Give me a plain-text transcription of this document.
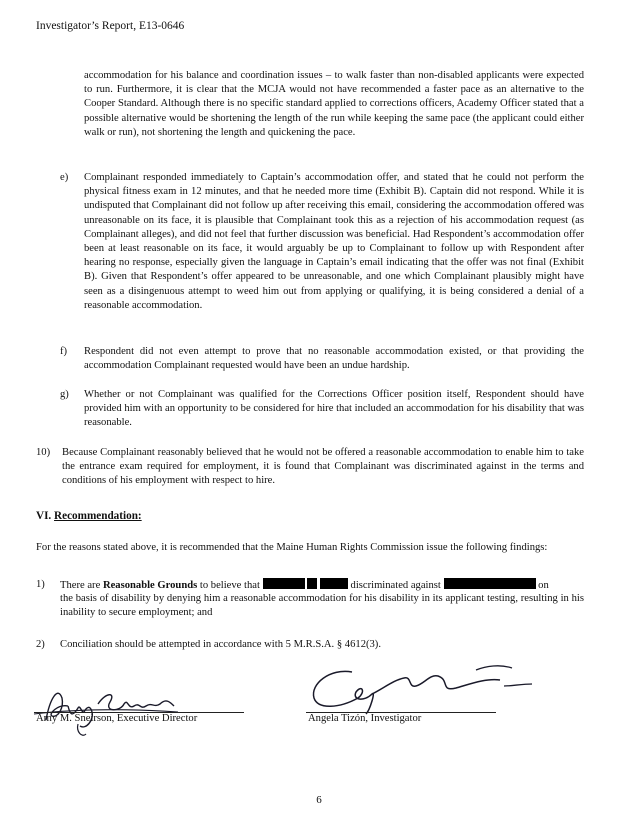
Investigator’s Report, E13-0646
accommodation for his balance and coordination issues – to walk faster than non-disabled applicants were expected to run. Furthermore, it is clear that the MCJA would not have recommended a faster pace as an alternative to the Cooper Standard. Although there is no specific standard applied to corrections officers, Academy Officer stated that a possible alternative would be shortening the length of the run while keeping the same pace (the applicant could either walk or run), not shortening the length and quickening the pace.
e) Complainant responded immediately to Captain’s accommodation offer, and stated that he could not perform the physical fitness exam in 12 minutes, and that he needed more time (Exhibit B). Captain did not respond. While it is undisputed that Complainant did not follow up after receiving this email, considering the accommodation offered was unreasonable on its face, it is plausible that Complainant took this as a rejection of his accommodation request (as Complainant alleges), and did not feel that further discussion was beneficial. Had Respondent’s accommodation offer been at least reasonable on its face, it would arguably be up to Complainant to follow up with Respondent after hearing no response, especially given the language in Captain’s email indicating that the offer was not final (Exhibit B). Given that Respondent’s offer appeared to be unreasonable, and one which Complainant plausibly might have seen as a disingenuous attempt to weed him out from applying or qualifying, it is being considered a denial of a reasonable accommodation.
f) Respondent did not even attempt to prove that no reasonable accommodation existed, or that providing the accommodation Complainant requested would have been an undue hardship.
g) Whether or not Complainant was qualified for the Corrections Officer position itself, Respondent should have provided him with an opportunity to be considered for hire that included an accommodation for his disability that was reasonable.
10) Because Complainant reasonably believed that he would not be offered a reasonable accommodation to enable him to take the entrance exam required for employment, it is found that Complainant was discriminated against in the terms and conditions of his employment with respect to hire.
VI. Recommendation:
For the reasons stated above, it is recommended that the Maine Human Rights Commission issue the following findings:
1) There are Reasonable Grounds to believe that	discriminated against	on
the basis of disability by denying him a reasonable accommodation for his disability in its applicant testing, resulting in his inability to secure employment; and
2) Conciliation should be attempted in accordance with 5 M.R.S.A. § 4612(3).
Amy M. Sneirson, Executive Director	Angela Tizón, Investigator
6
